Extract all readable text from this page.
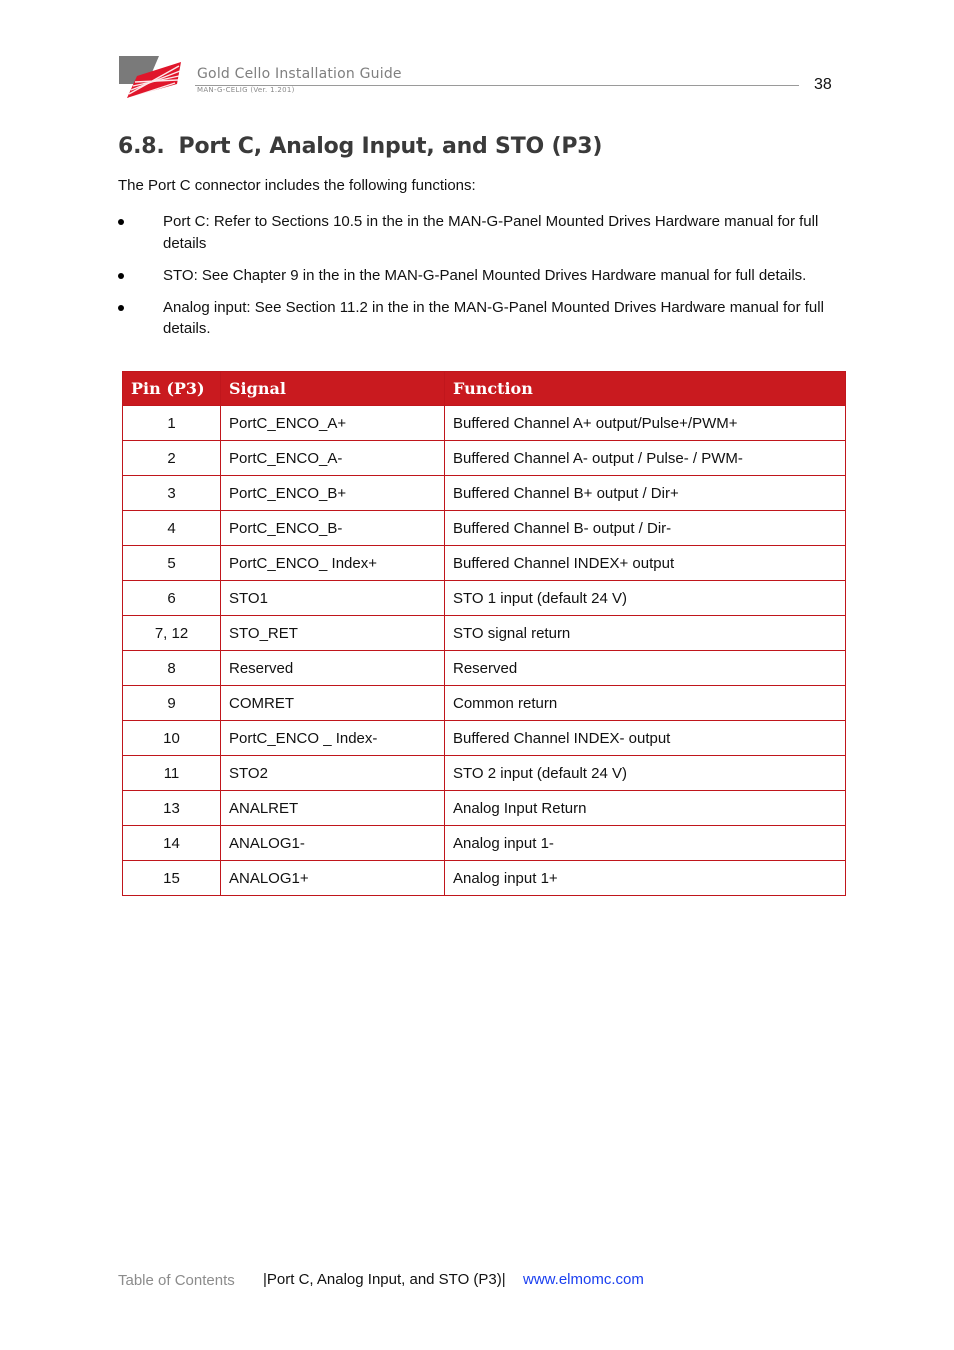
Gold Cello Installation Guide
MAN-G-CELIG (Ver. 1.201)	38
6.8. Port C, Analog Input, and STO (P3)
The Port C connector includes the following functions:
Port C: Refer to Sections 10.5 in the in the MAN-G-Panel Mounted Drives Hardware manual for full details
STO: See Chapter 9 in the in the MAN-G-Panel Mounted Drives Hardware manual for full details.
Analog input: See Section 11.2 in the in the MAN-G-Panel Mounted Drives Hardware manual for full details.
Pin (P3)	Signal	Function
1	PortC_ENCO_A+	Buffered Channel A+ output/Pulse+/PWM+
2	PortC_ENCO_A-	Buffered Channel A- output / Pulse- / PWM-
3	PortC_ENCO_B+	Buffered Channel B+ output / Dir+
4	PortC_ENCO_B-	Buffered Channel B- output / Dir-
5	PortC_ENCO_ Index+	Buffered Channel INDEX+ output
6	STO1	STO 1 input (default 24 V)
7, 12	STO_RET	STO signal return
8	Reserved	Reserved
9	COMRET	Common return
10	PortC_ENCO _ Index-	Buffered Channel INDEX- output
11	STO2	STO 2 input (default 24 V)
13	ANALRET	Analog Input Return
14	ANALOG1-	Analog input 1-
15	ANALOG1+	Analog input 1+
Table of Contents |Port C, Analog Input, and STO (P3)| www.elmomc.com
